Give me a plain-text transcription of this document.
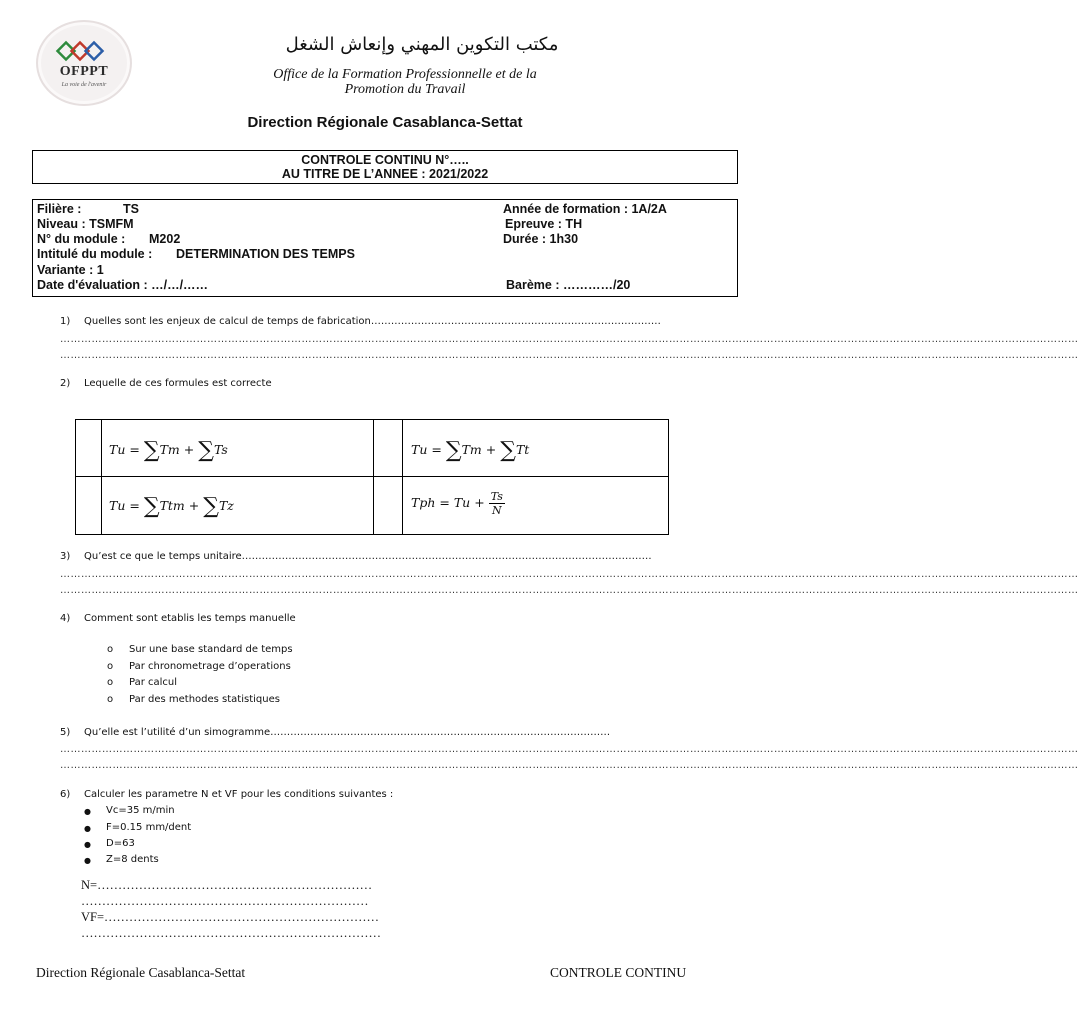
OFPPT
La voie de l'avenir
مكتب التكوين المهني وإنعاش الشغل
Office de la Formation Professionnelle et de la
Promotion du Travail
Direction Régionale Casablanca-Settat
CONTROLE CONTINU N°…..
AU TITRE DE L’ANNEE : 2021/2022
Filière :	TS
Niveau : TSMFM
N° du module : M202
Intitulé du module : DETERMINATION DES TEMPS
Variante : 1
Date d'évaluation : …/…/……
Année de formation : 1A/2A
Epreuve : TH
Durée : 1h30
Barème : …………/20
1) Quelles sont les enjeux de calcul de temps de fabrication……………………………………………………………………………
…………………………………………………………………………………………………………………………………………………………………………………………………………………………………………………………………
…………………………………………………………………………………………………………………………………………………………………………………………………………………………………………………………………
2) Lequelle de ces formules est correcte
Tu = ∑Tm + ∑Ts	Tu = ∑Tm + ∑Tt
Tu = ∑Ttm + ∑Tz	Tph = $Tu + \frac{Ts}{N}$
3) Qu’est ce que le temps unitaire……………………………………………………………………………………………………………
…………………………………………………………………………………………………………………………………………………………………………………………………………………………………………………………………
…………………………………………………………………………………………………………………………………………………………………………………………………………………………………………………………………
4) Comment sont etablis les temps manuelle
o Sur une base standard de temps
o Par chronometrage d’operations
o Par calcul
o Par des methodes statistiques
5) Qu’elle est l’utilité d’un simogramme…………………………………………………………………………………………
…………………………………………………………………………………………………………………………………………………………………………………………………………………………………………………………………
…………………………………………………………………………………………………………………………………………………………………………………………………………………………………………………………………
6) Calculer les parametre N et VF pour les conditions suivantes :
● Vc=35 m/min
● F=0.15 mm/dent
● D=63
● Z=8 dents
N=…………………………………………………………
……………………………………………………………
VF=…………………………………………………………
………………………………………………………………
Direction Régionale Casablanca-Settat	CONTROLE CONTINU
